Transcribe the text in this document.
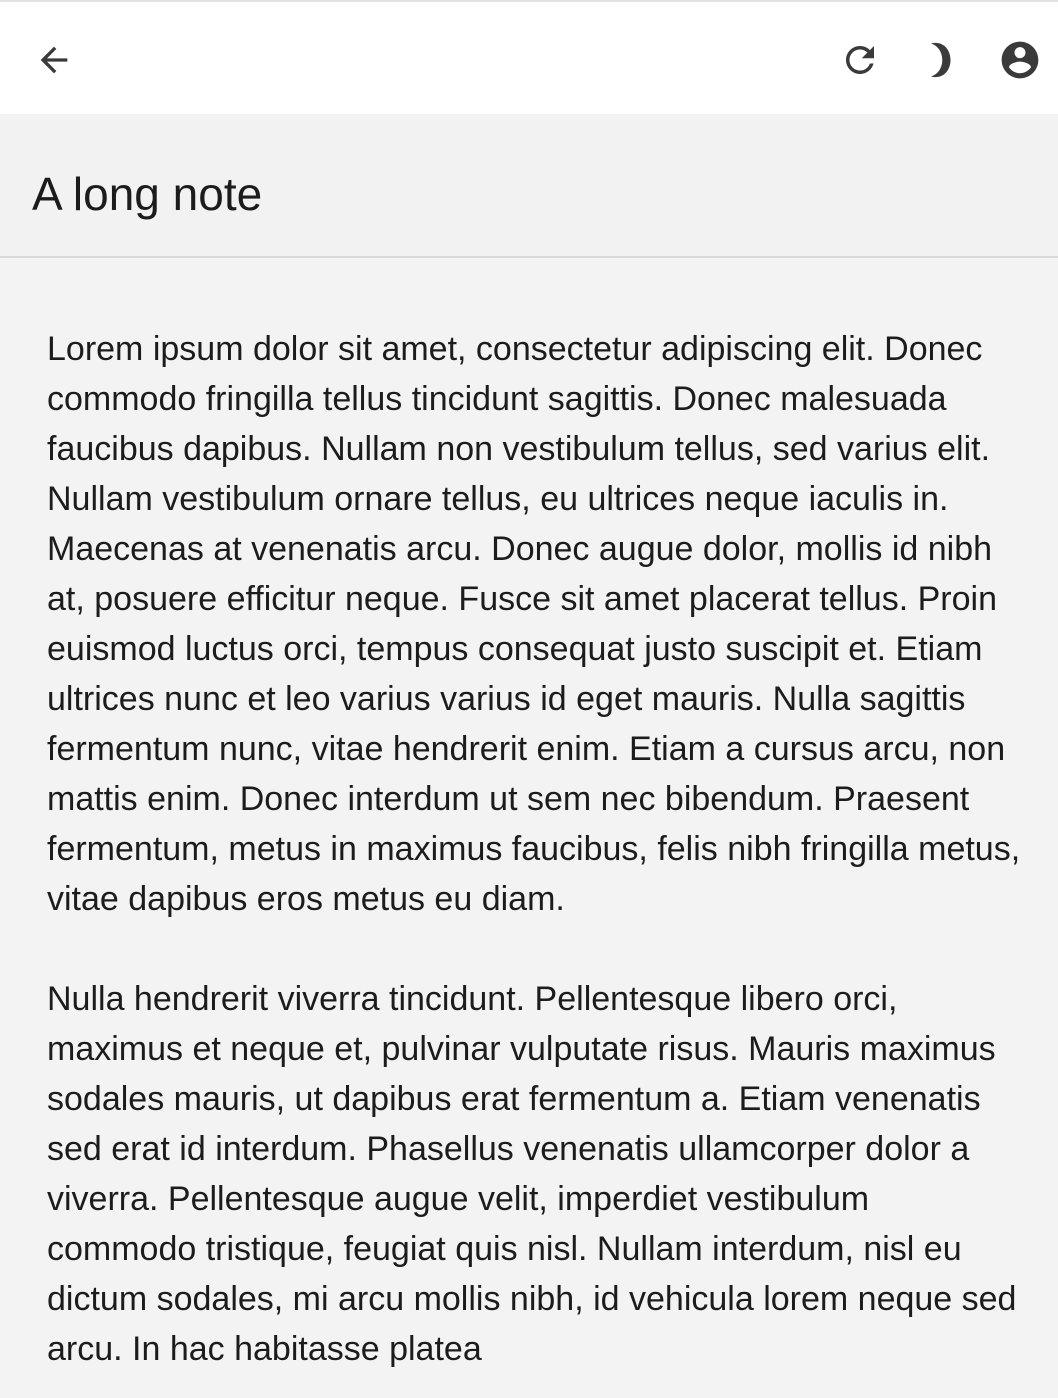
A long note

Lorem ipsum dolor sit amet, consectetur adipiscing elit. Donec commodo fringilla tellus tincidunt sagittis. Donec malesuada faucibus dapibus. Nullam non vestibulum tellus, sed varius elit. Nullam vestibulum ornare tellus, eu ultrices neque iaculis in. Maecenas at venenatis arcu. Donec augue dolor, mollis id nibh at, posuere efficitur neque. Fusce sit amet placerat tellus. Proin euismod luctus orci, tempus consequat justo suscipit et. Etiam ultrices nunc et leo varius varius id eget mauris. Nulla sagittis fermentum nunc, vitae hendrerit enim. Etiam a cursus arcu, non mattis enim. Donec interdum ut sem nec bibendum. Praesent fermentum, metus in maximus faucibus, felis nibh fringilla metus, vitae dapibus eros metus eu diam.

Nulla hendrerit viverra tincidunt. Pellentesque libero orci, maximus et neque et, pulvinar vulputate risus. Mauris maximus sodales mauris, ut dapibus erat fermentum a. Etiam venenatis sed erat id interdum. Phasellus venenatis ullamcorper dolor a viverra. Pellentesque augue velit, imperdiet vestibulum commodo tristique, feugiat quis nisl. Nullam interdum, nisl eu dictum sodales, mi arcu mollis nibh, id vehicula lorem neque sed arcu. In hac habitasse platea
